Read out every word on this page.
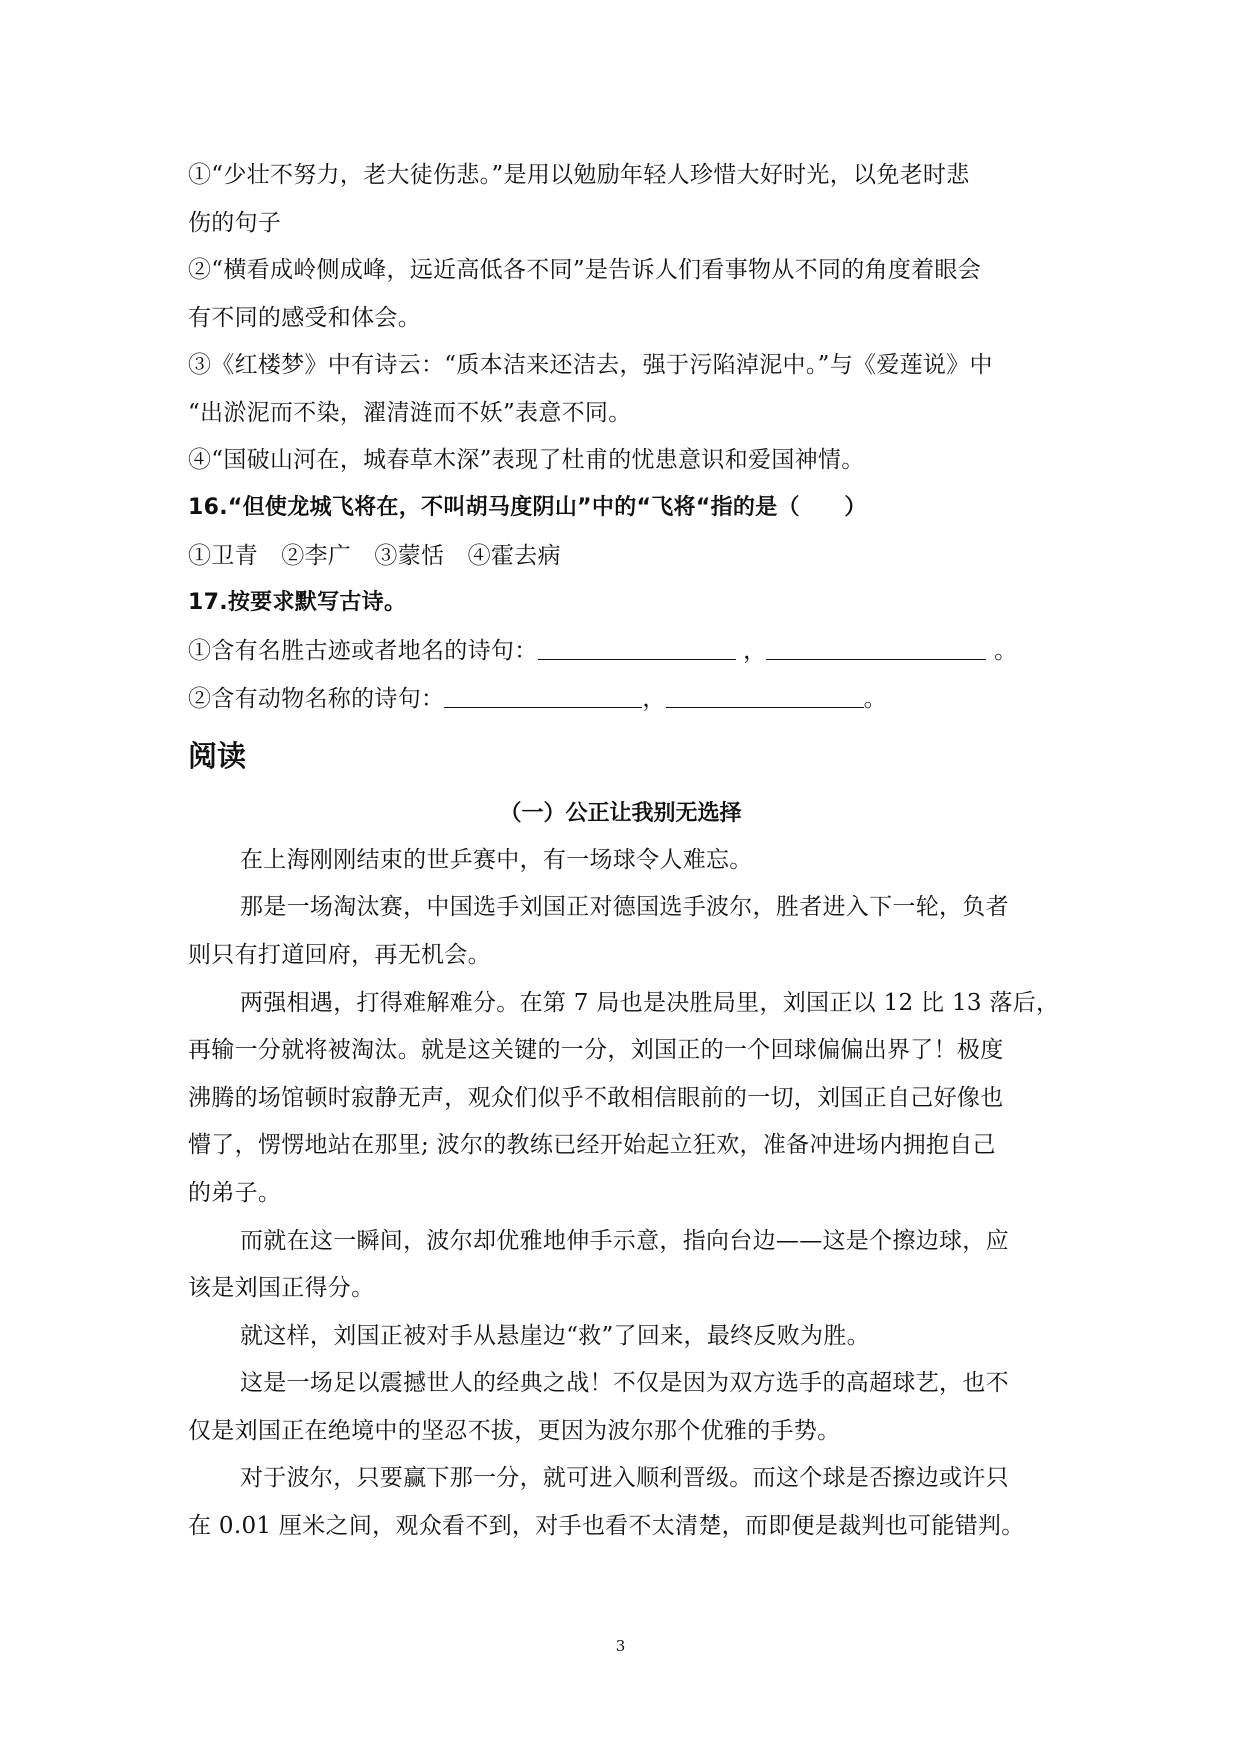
①“少壮不努力，老大徒伤悲。”是用以勉励年轻人珍惜大好时光，以免老时悲
伤的句子
②“横看成岭侧成峰，远近高低各不同”是告诉人们看事物从不同的角度着眼会
有不同的感受和体会。
③《红楼梦》中有诗云：“质本洁来还洁去，强于污陷淖泥中。”与《爱莲说》中
“出淤泥而不染，濯清涟而不妖”表意不同。
④“国破山河在，城春草木深”表现了杜甫的忧患意识和爱国神情。
16.“但使龙城飞将在，不叫胡马度阴山”中的“飞将“指的是（　　）
①卫青　②李广　③蒙恬　④霍去病
17.按要求默写古诗。
①含有名胜古迹或者地名的诗句：	，	。
②含有动物名称的诗句：	，	。
阅读
（一）公正让我别无选择
在上海刚刚结束的世乒赛中，有一场球令人难忘。
那是一场淘汰赛，中国选手刘国正对德国选手波尔，胜者进入下一轮，负者
则只有打道回府，再无机会。
两强相遇，打得难解难分。在第 7 局也是决胜局里，刘国正以 12 比 13 落后，
再输一分就将被淘汰。就是这关键的一分，刘国正的一个回球偏偏出界了！极度
沸腾的场馆顿时寂静无声，观众们似乎不敢相信眼前的一切，刘国正自己好像也
懵了，愣愣地站在那里; 波尔的教练已经开始起立狂欢，准备冲进场内拥抱自己
的弟子。
而就在这一瞬间，波尔却优雅地伸手示意，指向台边——这是个擦边球，应
该是刘国正得分。
就这样，刘国正被对手从悬崖边“救”了回来，最终反败为胜。
这是一场足以震撼世人的经典之战！不仅是因为双方选手的高超球艺，也不
仅是刘国正在绝境中的坚忍不拔，更因为波尔那个优雅的手势。
对于波尔，只要赢下那一分，就可进入顺利晋级。而这个球是否擦边或许只
在 0.01 厘米之间，观众看不到，对手也看不太清楚，而即便是裁判也可能错判。
3
